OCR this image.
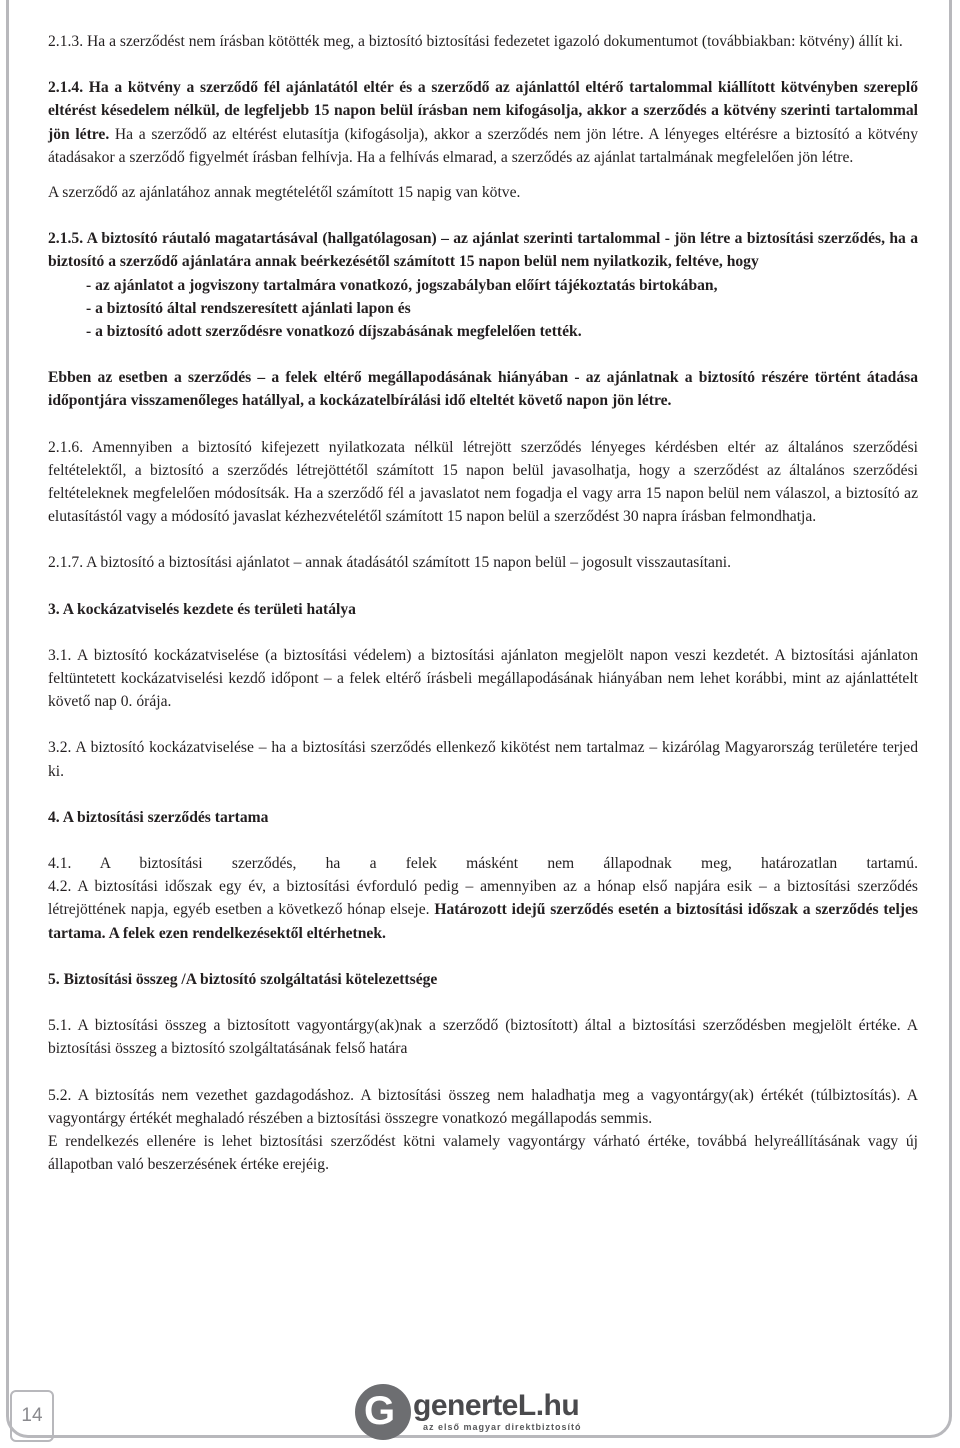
2.1.3. Ha a szerződést nem írásban kötötték meg, a biztosító biztosítási fedezetet igazoló dokumentumot (továbbiakban: kötvény) állít ki.

2.1.4. Ha a kötvény a szerződő fél ajánlatától eltér és a szerződő az ajánlattól eltérő tartalommal kiállított kötvényben szereplő eltérést késedelem nélkül, de legfeljebb 15 napon belül írásban nem kifogásolja, akkor a szerződés a kötvény szerinti tartalommal jön létre. Ha a szerződő az eltérést elutasítja (kifogásolja), akkor a szerződés nem jön létre. A lényeges eltérésre a biztosító a kötvény átadásakor a szerződő figyelmét írásban felhívja. Ha a felhívás elmarad, a szerződés az ajánlat tartalmának megfelelően jön létre.

A szerződő az ajánlatához annak megtételétől számított 15 napig van kötve.

2.1.5. A biztosító ráutaló magatartásával (hallgatólagosan) – az ajánlat szerinti tartalommal - jön létre a biztosítási szerződés, ha a biztosító a szerződő ajánlatára annak beérkezésétől számított 15 napon belül nem nyilatkozik, feltéve, hogy

- az ajánlatot a jogviszony tartalmára vonatkozó, jogszabályban előírt tájékoztatás birtokában,

- a biztosító által rendszeresített ajánlati lapon és

- a biztosító adott szerződésre vonatkozó díjszabásának megfelelően tették.

Ebben az esetben a szerződés – a felek eltérő megállapodásának hiányában - az ajánlatnak a biztosító részére történt átadása időpontjára visszamenőleges hatállyal, a kockázatelbírálási idő elteltét követő napon jön létre.

2.1.6. Amennyiben a biztosító kifejezett nyilatkozata nélkül létrejött szerződés lényeges kérdésben eltér az általános szerződési feltételektől, a biztosító a szerződés létrejöttétől számított 15 napon belül javasolhatja, hogy a szerződést az általános szerződési feltételeknek megfelelően módosítsák. Ha a szerződő fél a javaslatot nem fogadja el vagy arra 15 napon belül nem válaszol, a biztosító az elutasítástól vagy a módosító javaslat kézhezvételétől számított 15 napon belül a szerződést 30 napra írásban felmondhatja.

2.1.7. A biztosító a biztosítási ajánlatot – annak átadásától számított 15 napon belül – jogosult visszautasítani.

3. A kockázatviselés kezdete és területi hatálya

3.1. A biztosító kockázatviselése (a biztosítási védelem) a biztosítási ajánlaton megjelölt napon veszi kezdetét. A biztosítási ajánlaton feltüntetett kockázatviselési kezdő időpont – a felek eltérő írásbeli megállapodásának hiányában nem lehet korábbi, mint az ajánlattételt követő nap 0. órája.

3.2. A biztosító kockázatviselése – ha a biztosítási szerződés ellenkező kikötést nem tartalmaz – kizárólag Magyarország területére terjed ki.

4. A biztosítási szerződés tartama

4.1. A biztosítási szerződés, ha a felek másként nem állapodnak meg, határozatlan tartamú.

4.2. A biztosítási időszak egy év, a biztosítási évforduló pedig – amennyiben az a hónap első napjára esik – a biztosítási szerződés létrejöttének napja, egyéb esetben a következő hónap elseje. Határozott idejű szerződés esetén a biztosítási időszak a szerződés teljes tartama. A felek ezen rendelkezésektől eltérhetnek.

5. Biztosítási összeg /A biztosító szolgáltatási kötelezettsége

5.1. A biztosítási összeg a biztosított vagyontárgy(ak)nak a szerződő (biztosított) által a biztosítási szerződésben megjelölt értéke. A biztosítási összeg a biztosító szolgáltatásának felső határa

5.2. A biztosítás nem vezethet gazdagodáshoz. A biztosítási összeg nem haladhatja meg a vagyontárgy(ak) értékét (túlbiztosítás). A vagyontárgy értékét meghaladó részében a biztosítási összegre vonatkozó megállapodás semmis.

E rendelkezés ellenére is lehet biztosítási szerződést kötni valamely vagyontárgy várható értéke, továbbá helyreállításának vagy új állapotban való beszerzésének értéke erejéig.

14	G generteL.hu
az első magyar direktbiztosító
